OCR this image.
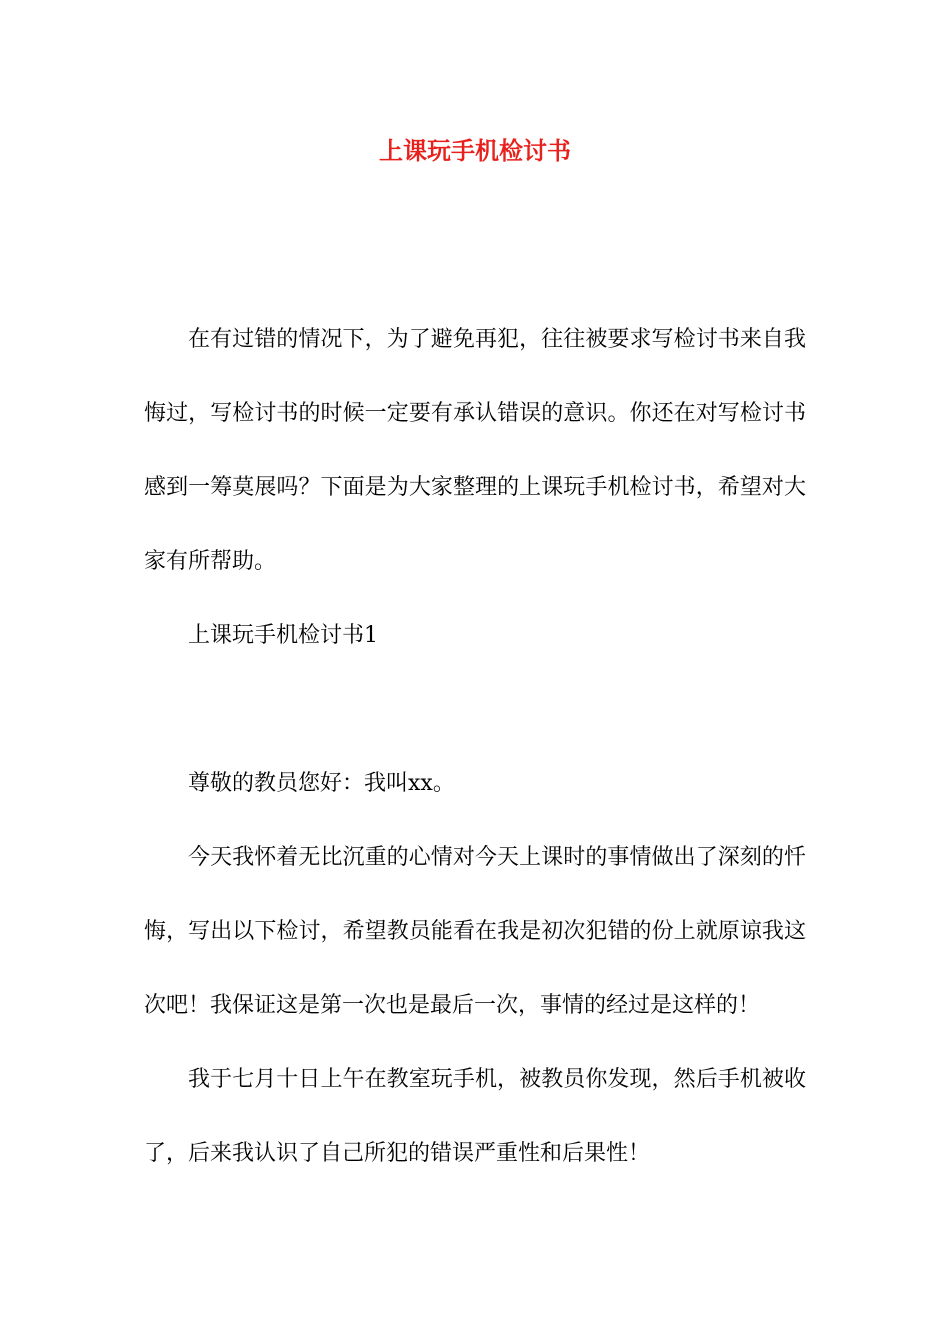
上课玩手机检讨书

在有过错的情况下，为了避免再犯，往往被要求写检讨书来自我悔过，写检讨书的时候一定要有承认错误的意识。你还在对写检讨书感到一筹莫展吗？下面是为大家整理的上课玩手机检讨书，希望对大家有所帮助。

上课玩手机检讨书1

尊敬的教员您好：我叫xx。

今天我怀着无比沉重的心情对今天上课时的事情做出了深刻的忏悔，写出以下检讨，希望教员能看在我是初次犯错的份上就原谅我这次吧！我保证这是第一次也是最后一次，事情的经过是这样的！

我于七月十日上午在教室玩手机，被教员你发现，然后手机被收了，后来我认识了自己所犯的错误严重性和后果性！
